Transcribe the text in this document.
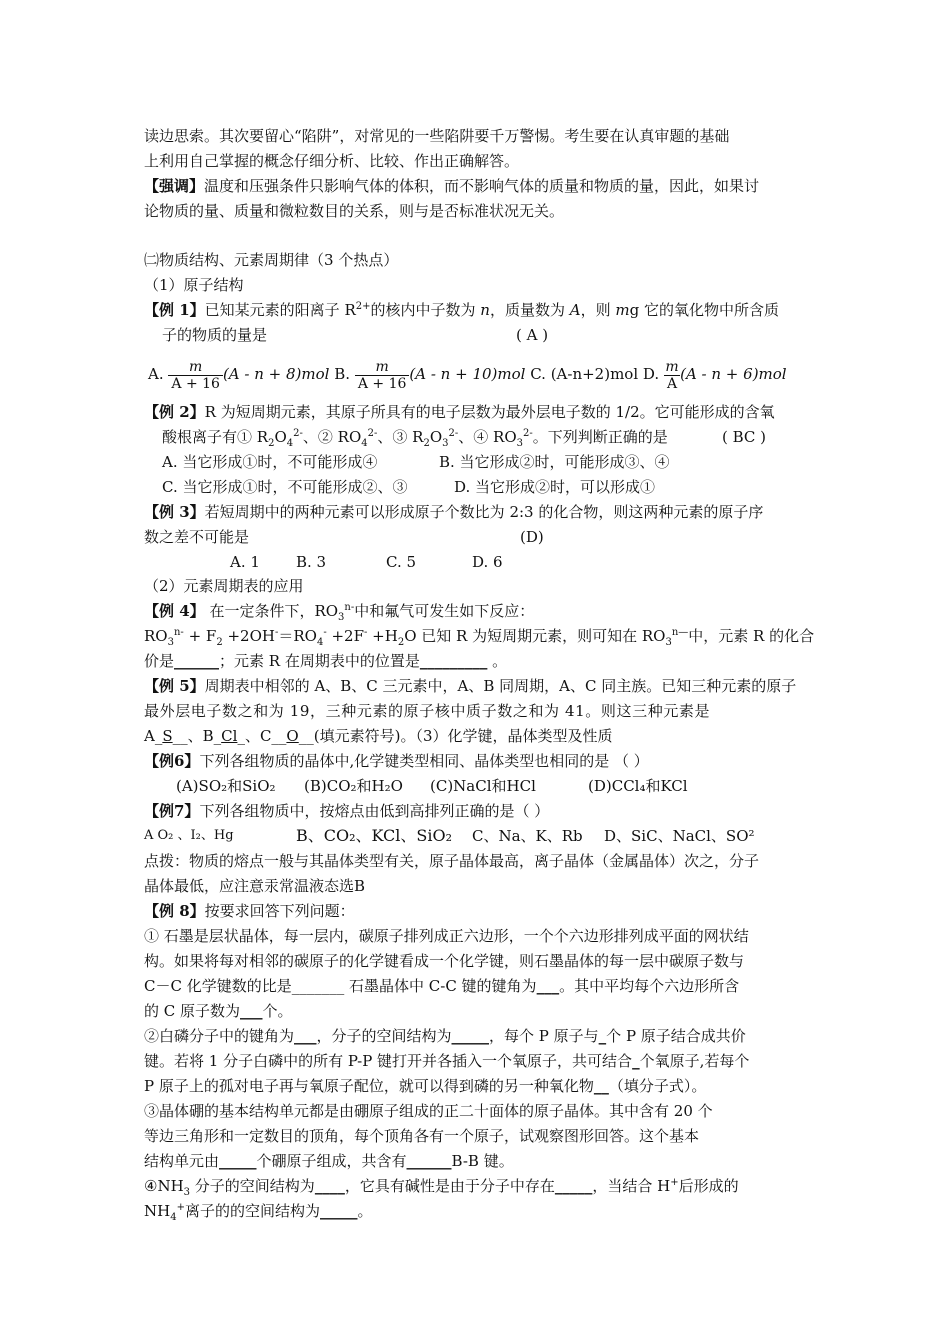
读边思索。其次要留心“陷阱”，对常见的一些陷阱要千万警惕。考生要在认真审题的基础
上利用自己掌握的概念仔细分析、比较、作出正确解答。
【强调】温度和压强条件只影响气体的体积，而不影响气体的质量和物质的量，因此，如果讨
论物质的量、质量和微粒数目的关系，则与是否标准状况无关。
㈡物质结构、元素周期律（3 个热点）
（1）原子结构
【例 1】已知某元素的阳离子 $R^{2+}$的核内中子数为 n，质量数为 A，则 mg 它的氧化物中所含质
子的物质的量是	( A )
A. $\frac{m}{A + 16} (A - n + 8)mol$ B. $\frac{m}{A + 16} (A - n + 10)mol$ C. (A-n+2)mol D. $\frac{m}{A} (A - n + 6)mol$
【例 2】R 为短周期元素，其原子所具有的电子层数为最外层电子数的 1/2。它可能形成的含氧
酸根离子有① $R_2O_4^{2-}$、② $RO_4^{2-}$、③ $R_2O_3^{2-}$、④ $RO_3^{2-}$。下列判断正确的是	( BC )
A. 当它形成①时，不可能形成④	B. 当它形成②时，可能形成③、④
C. 当它形成①时，不可能形成②、③	D. 当它形成②时，可以形成①
【例 3】若短周期中的两种元素可以形成原子个数比为 2:3 的化合物，则这两种元素的原子序
数之差不可能是	(D)
A. 1 B. 3	C. 5	D. 6
（2）元素周期表的应用
【例 4】 在一定条件下，$RO_3^{n-}$中和氟气可发生如下反应：
$RO_3^{n-} + F_2 +2OH^-=RO_4^- +2F^- +H_2O$ 已知 R 为短周期元素，则可知在 $RO_3^{n—}$中，元素 R 的化合
价是______；元素 R 在周期表中的位置是_________ 。
【例 5】周期表中相邻的 A、B、C 三元素中，A、B 同周期，A、C 同主族。已知三种元素的原子
最外层电子数之和为 19，三种元素的原子核中质子数之和为 41。则这三种元素是
A_S__、B_Cl_、C__O__(填元素符号)。（3）化学键，晶体类型及性质
【例6】下列各组物质的晶体中,化学键类型相同、晶体类型也相同的是 （ ）
(A)SO₂和SiO₂ (B)CO₂和H₂O (C)NaCl和HCl	(D)CCl₄和KCl
【例7】下列各组物质中，按熔点由低到高排列正确的是（ ）
A O₂ 、I₂、Hg	B、CO₂、KCl、SiO₂ C、Na、K、Rb D、SiC、NaCl、SO²
点拨：物质的熔点一般与其晶体类型有关，原子晶体最高，离子晶体（金属晶体）次之，分子
晶体最低，应注意汞常温液态选B
【例 8】按要求回答下列问题：
① 石墨是层状晶体，每一层内，碳原子排列成正六边形，一个个六边形排列成平面的网状结
构。如果将每对相邻的碳原子的化学键看成一个化学键，则石墨晶体的每一层中碳原子数与
C－C 化学键数的比是_______ 石墨晶体中 C-C 键的键角为___。其中平均每个六边形所含
的 C 原子数为___个。
②白磷分子中的键角为___，分子的空间结构为_____，每个 P 原子与_个 P 原子结合成共价
键。若将 1 分子白磷中的所有 P-P 键打开并各插入一个氧原子，共可结合_个氧原子,若每个
P 原子上的孤对电子再与氧原子配位，就可以得到磷的另一种氧化物__（填分子式）。
③晶体硼的基本结构单元都是由硼原子组成的正二十面体的原子晶体。其中含有 20 个
等边三角形和一定数目的顶角，每个顶角各有一个原子，试观察图形回答。这个基本
结构单元由_____个硼原子组成，共含有______B-B 键。
$④NH_3$ 分子的空间结构为____，它具有碱性是由于分子中存在_____，当结合 H+后形成的
$NH_4^+$离子的的空间结构为_____。
